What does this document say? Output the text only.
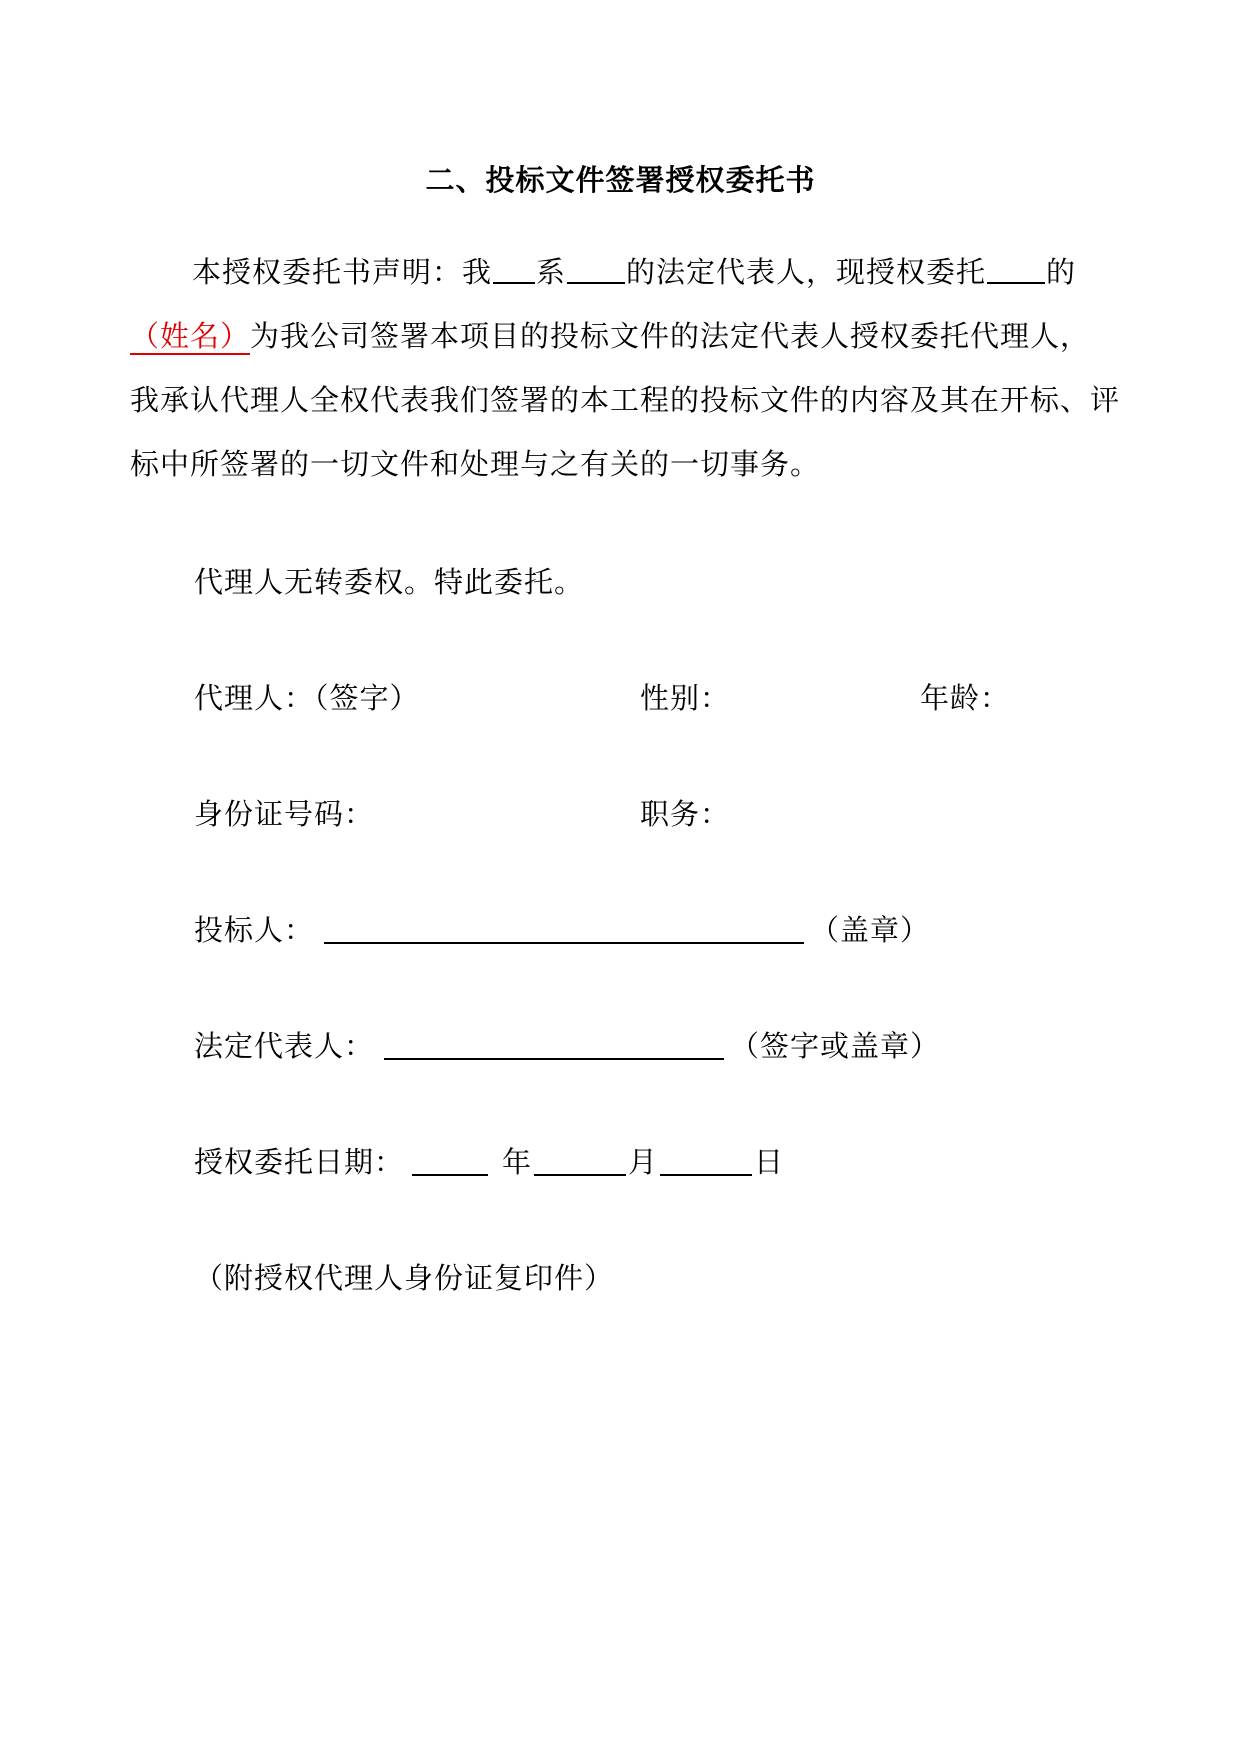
二、投标文件签署授权委托书
本授权委托书声明：我 系 的法定代表人，现授权委托 的（姓名）为我公司签署本项目的投标文件的法定代表人授权委托代理人，我承认代理人全权代表我们签署的本工程的投标文件的内容及其在开标、评标中所签署的一切文件和处理与之有关的一切事务。
代理人无转委权。特此委托。
代理人：（签字）	性别：	年龄：
身份证号码：	职务：
投标人：	（盖章）
法定代表人：	（签字或盖章）
授权委托日期：	年	月	日
（附授权代理人身份证复印件）
